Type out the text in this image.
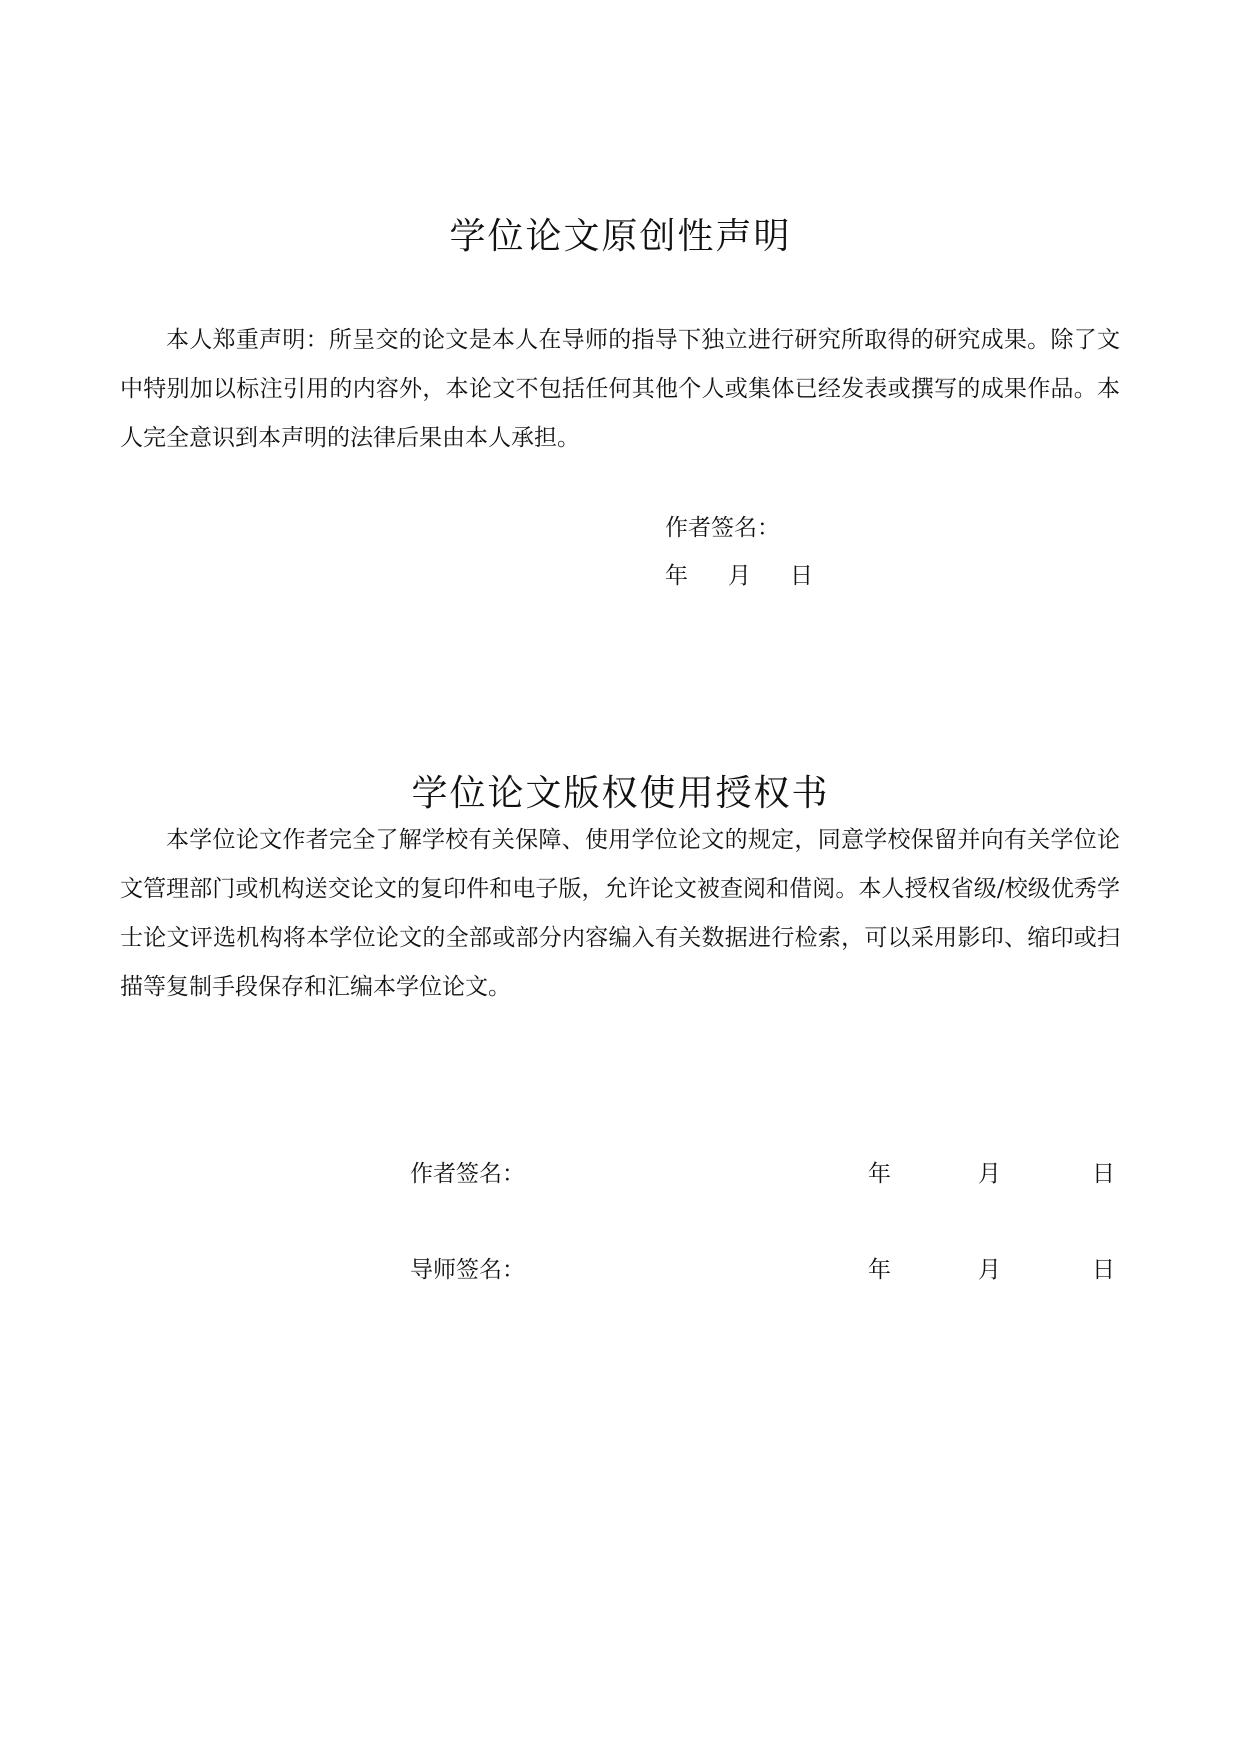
学位论文原创性声明

本人郑重声明：所呈交的论文是本人在导师的指导下独立进行研究所取得的研究成果。除了文中特别加以标注引用的内容外，本论文不包括任何其他个人或集体已经发表或撰写的成果作品。本人完全意识到本声明的法律后果由本人承担。

作者签名：
年 月 日
学位论文版权使用授权书

本学位论文作者完全了解学校有关保障、使用学位论文的规定，同意学校保留并向有关学位论文管理部门或机构送交论文的复印件和电子版，允许论文被查阅和借阅。本人授权省级/校级优秀学士论文评选机构将本学位论文的全部或部分内容编入有关数据进行检索，可以采用影印、缩印或扫描等复制手段保存和汇编本学位论文。

作者签名：	年	月	日
导师签名：	年	月	日
